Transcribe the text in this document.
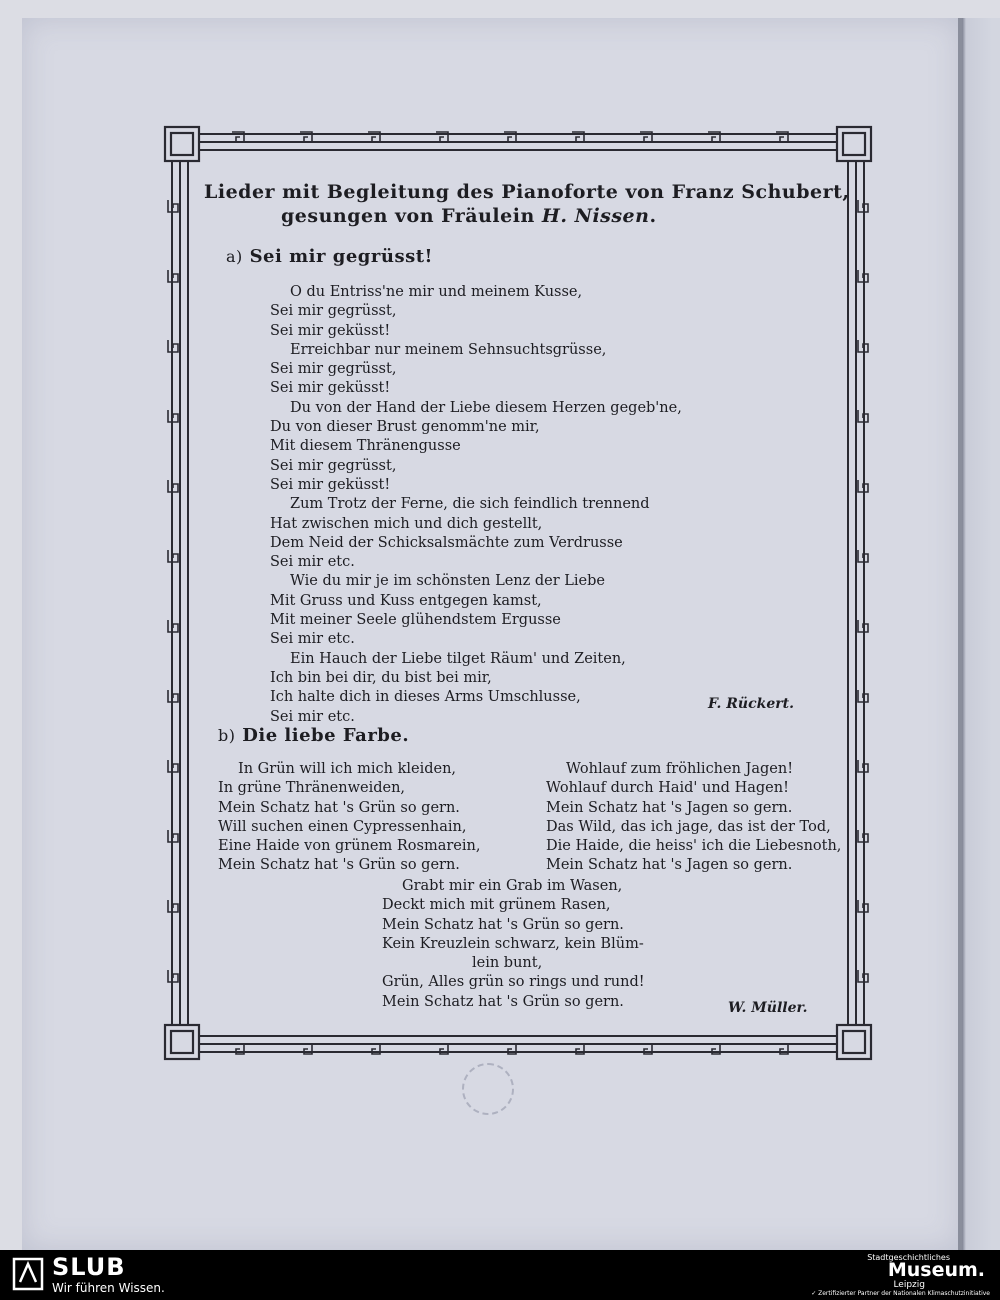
Lieder mit Begleitung des Pianoforte von Franz Schubert,
gesungen von Fräulein H. Nissen.
a) Sei mir gegrüsst!
O du Entriss'ne mir und meinem Kusse,
Sei mir gegrüsst,
Sei mir geküsst!
Erreichbar nur meinem Sehnsuchtsgrüsse,
Sei mir gegrüsst,
Sei mir geküsst!
Du von der Hand der Liebe diesem Herzen gegeb'ne,
Du von dieser Brust genomm'ne mir,
Mit diesem Thränengusse
Sei mir gegrüsst,
Sei mir geküsst!
Zum Trotz der Ferne, die sich feindlich trennend
Hat zwischen mich und dich gestellt,
Dem Neid der Schicksalsmächte zum Verdrusse
Sei mir etc.
Wie du mir je im schönsten Lenz der Liebe
Mit Gruss und Kuss entgegen kamst,
Mit meiner Seele glühendstem Ergusse
Sei mir etc.
Ein Hauch der Liebe tilget Räum' und Zeiten,
Ich bin bei dir, du bist bei mir,
Ich halte dich in dieses Arms Umschlusse,
Sei mir etc.
F. Rückert.
b) Die liebe Farbe.
In Grün will ich mich kleiden,
In grüne Thränenweiden,
Mein Schatz hat 's Grün so gern.
Will suchen einen Cypressenhain,
Eine Haide von grünem Rosmarein,
Mein Schatz hat 's Grün so gern.
Wohlauf zum fröhlichen Jagen!
Wohlauf durch Haid' und Hagen!
Mein Schatz hat 's Jagen so gern.
Das Wild, das ich jage, das ist der Tod,
Die Haide, die heiss' ich die Liebesnoth,
Mein Schatz hat 's Jagen so gern.
Grabt mir ein Grab im Wasen,
Deckt mich mit grünem Rasen,
Mein Schatz hat 's Grün so gern.
Kein Kreuzlein schwarz, kein Blüm-
lein bunt,
Grün, Alles grün so rings und rund!
Mein Schatz hat 's Grün so gern.	W. Müller.
SLUB
Wir führen Wissen.
Stadtgeschichtliches
Museum.
Leipzig
✓ Zertifizierter Partner der Nationalen Klimaschutzinitiative
